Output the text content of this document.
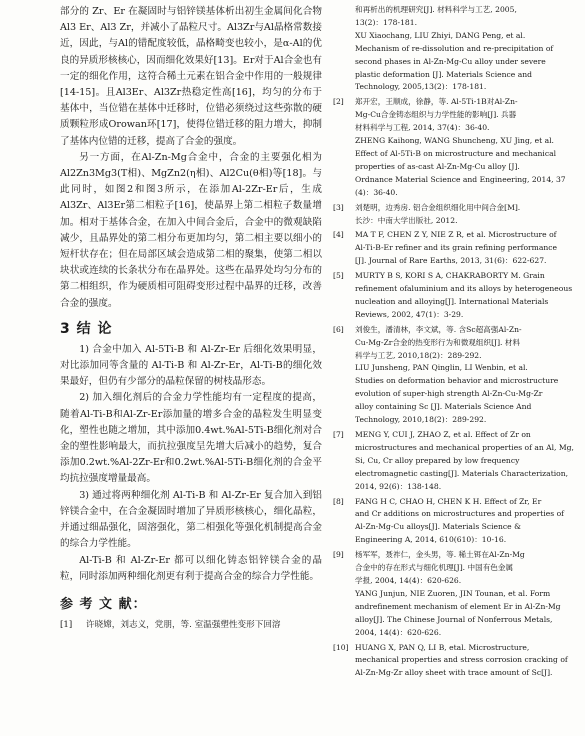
部分的 Zr、Er 在凝固时与铝锌镁基体析出初生金属间化合物 Al3 Er、Al3 Zr，并减小了晶粒尺寸。Al3Zr与Al晶格常数接近，因此，与Al的错配度较低，晶格畸变也较小，是α-Al的优良的异质形核核心，因而细化效果好[13]。Er对于Al合金也有一定的细化作用，这符合稀土元素在铝合金中作用的一般规律[14-15]。且Al3Er、Al3Zr热稳定性高[16]，均匀的分布于基体中，当位错在基体中迁移时，位错必须绕过这些弥散的硬质颗粒形成Orowan环[17]，使得位错迁移的阻力增大，抑制了基体内位错的迁移，提高了合金的强度。

另一方面，在Al-Zn-Mg合金中，合金的主要强化相为Al2Zn3Mg3(T相)、MgZn2(η相)、Al2Cu(θ相)等[18]。与此同时，如图2和图3所示，在添加Al-2Zr-Er后，生成Al3Zr、Al3Er第二相粒子[16]，使晶界上第二相粒子数量增加。相对于基体合金，在加入中间合金后，合金中的微观缺陷减少，且晶界处的第二相分布更加均匀，第二相主要以细小的短杆状存在；但在局部区域会造成第二相的聚集，使第二相以块状或连续的长条状分布在晶界处。这些在晶界处均匀分布的第二相组织，作为硬质相可阻碍变形过程中晶界的迁移，改善合金的强度。

3 结 论

1) 合金中加入 Al-5Ti-B 和 Al-Zr-Er 后细化效果明显，对比添加同等含量的 Al-Ti-B 和 Al-Zr-Er，Al-Ti-B的细化效果最好，但仍有少部分的晶粒保留的树枝晶形态。

2) 加入细化剂后的合金力学性能均有一定程度的提高，随着Al-Ti-B和Al-Zr-Er添加量的增多合金的晶粒发生明显变化，塑性也随之增加，其中添加0.4wt.%Al-5Ti-B细化剂对合金的塑性影响最大，而抗拉强度呈先增大后减小的趋势，复合添加0.2wt.%Al-2Zr-Er和0.2wt.%Al-5Ti-B细化剂的合金平均抗拉强度增量最高。

3) 通过将两种细化剂 Al-Ti-B 和 Al-Zr-Er 复合加入到铝锌镁合金中，在合金凝固时增加了异质形核核心，细化晶粒，并通过细晶强化，固溶强化，第二相强化等强化机制提高合金的综合力学性能。

Al-Ti-B 和 Al-Zr-Er 都可以细化铸态铝锌镁合金的晶粒，同时添加两种细化剂更有利于提高合金的综合力学性能。

参 考 文 献：
[1] 许晓嫦，刘志义，党朋，等. 室温强塑性变形下回溶
和再析出的机理研究[J]. 材料科学与工艺, 2005,
13(2)：178-181.
XU Xiaochang, LIU Zhiyi, DANG Peng, et al.
Mechanism of re-dissolution and re-precipitation of
second phases in Al-Zn-Mg-Cu alloy under severe
plastic deformation [J]. Materials Science and
Technology, 2005,13(2)：178-181.
[2] 郑开宏，王顺成，徐静，等. Al-5Ti-1B对Al-Zn-
Mg-Cu合金铸态组织与力学性能的影响[J]. 兵器
材料科学与工程, 2014, 37(4)：36-40.
ZHENG Kaihong, WANG Shuncheng, XU Jing, et al.
Effect of Al-5Ti-B on microstructure and mechanical
properties of as-cast Al-Zn-Mg-Cu alloy [J].
Ordnance Material Science and Engineering, 2014, 37
(4)：36-40.
[3] 刘楚明，边秀房. 铝合金组织细化用中间合金[M].
长沙：中南大学出版社, 2012.
[4] MA T F, CHEN Z Y, NIE Z R, et al. Microstructure of
Al-Ti-B-Er refiner and its grain refining performance
[J]. Journal of Rare Earths, 2013, 31(6)：622-627.
[5] MURTY B S, KORI S A, CHAKRABORTY M. Grain
refinement ofaluminium and its alloys by heterogeneous
nucleation and alloying[J]. International Materials
Reviews, 2002, 47(1)：3-29.
[6] 刘俊生，潘清林，李文斌，等. 含Sc超高强Al-Zn-
Cu-Mg-Zr合金的热变形行为和微观组织[J]. 材料
科学与工艺, 2010,18(2)：289-292.
LIU Junsheng, PAN Qinglin, LI Wenbin, et al.
Studies on deformation behavior and microstructure
evolution of super-high strength Al-Zn-Cu-Mg-Zr
alloy containing Sc [J]. Materials Science And
Technology, 2010,18(2)：289-292.
[7] MENG Y, CUI J, ZHAO Z, et al. Effect of Zr on
microstructures and mechanical properties of an Al, Mg,
Si, Cu, Cr alloy prepared by low frequency
electromagnetic casting[J]. Materials Characterization,
2014, 92(6)：138-148.
[8] FANG H C, CHAO H, CHEN K H. Effect of Zr, Er
and Cr additions on microstructures and properties of
Al-Zn-Mg-Cu alloys[J]. Materials Science &
Engineering A, 2014, 610(610)：10-16.
[9] 杨军军，聂祚仁，金头男，等. 稀土铒在Al-Zn-Mg
合金中的存在形式与细化机理[J]. 中国有色金属
学报, 2004, 14(4)：620-626.
YANG Junjun, NIE Zuoren, JIN Tounan, et al. Form
andrefinement mechanism of element Er in Al-Zn-Mg
alloy[J]. The Chinese Journal of Nonferrous Metals,
2004, 14(4)：620-626.
[10] HUANG X, PAN Q, LI B, etal. Microstructure,
mechanical properties and stress corrosion cracking of
Al-Zn-Mg-Zr alloy sheet with trace amount of Sc[J].
